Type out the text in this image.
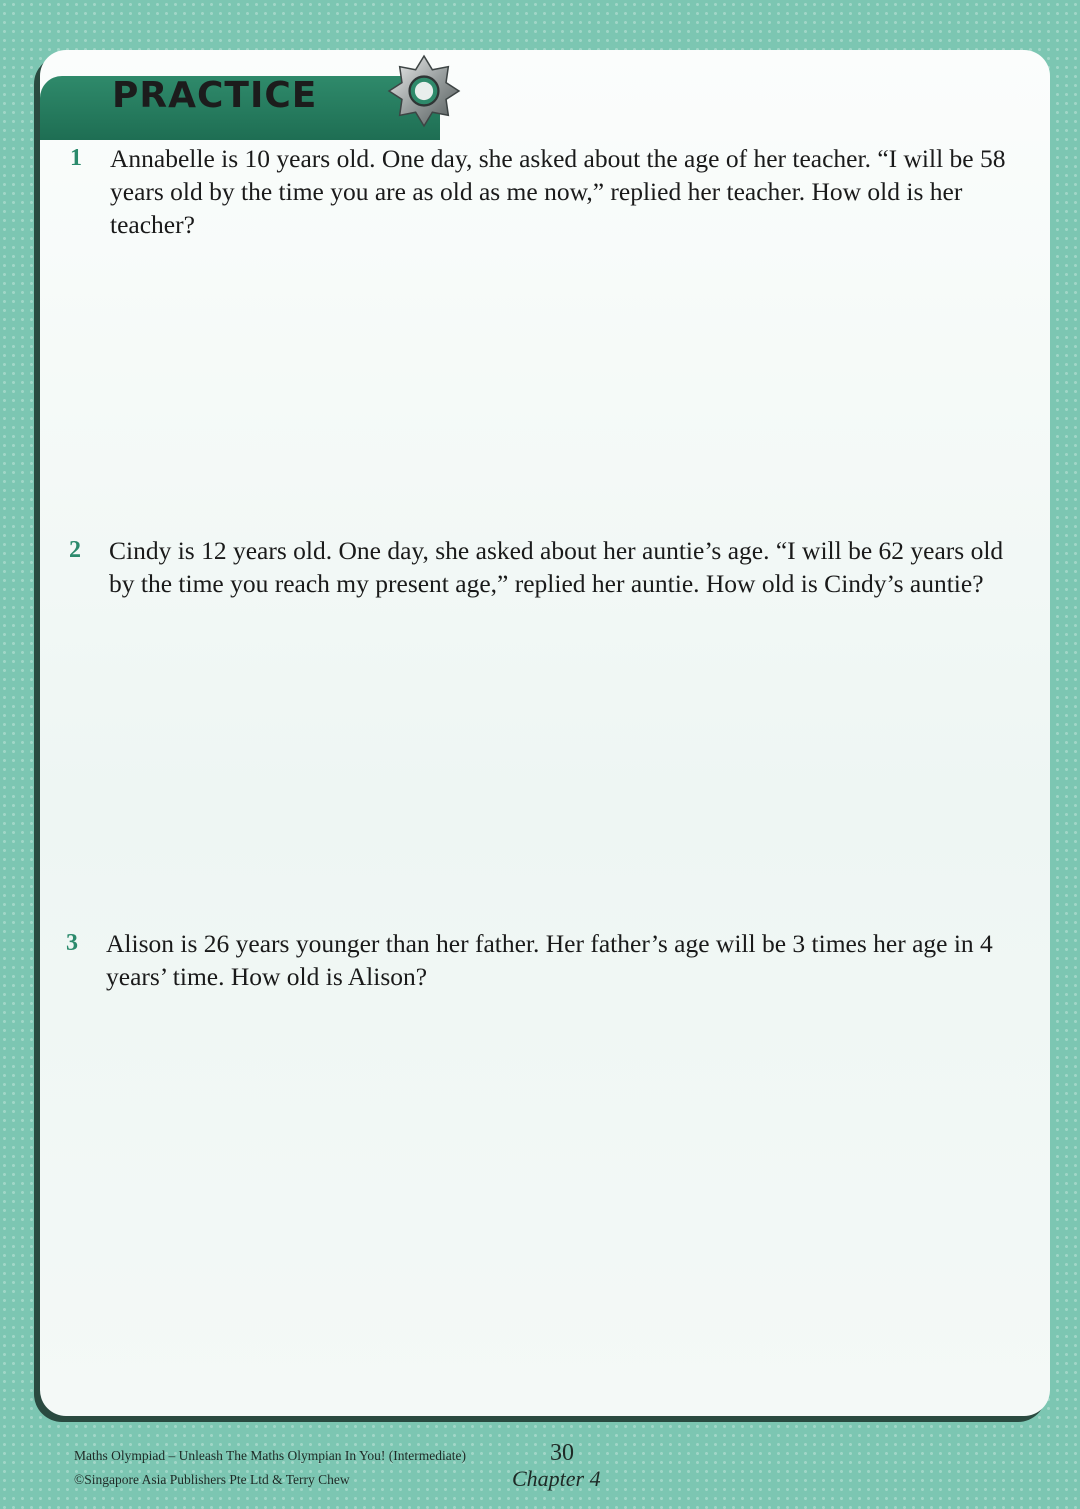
PRACTICE
1 Annabelle is 10 years old. One day, she asked about the age of her teacher. “I will be 58 years old by the time you are as old as me now,” replied her teacher. How old is her teacher?
2 Cindy is 12 years old. One day, she asked about her auntie’s age. “I will be 62 years old by the time you reach my present age,” replied her auntie. How old is Cindy’s auntie?
3 Alison is 26 years younger than her father. Her father’s age will be 3 times her age in 4 years’ time. How old is Alison?
Maths Olympiad – Unleash The Maths Olympian In You! (Intermediate)
©Singapore Asia Publishers Pte Ltd & Terry Chew
30
Chapter 4
